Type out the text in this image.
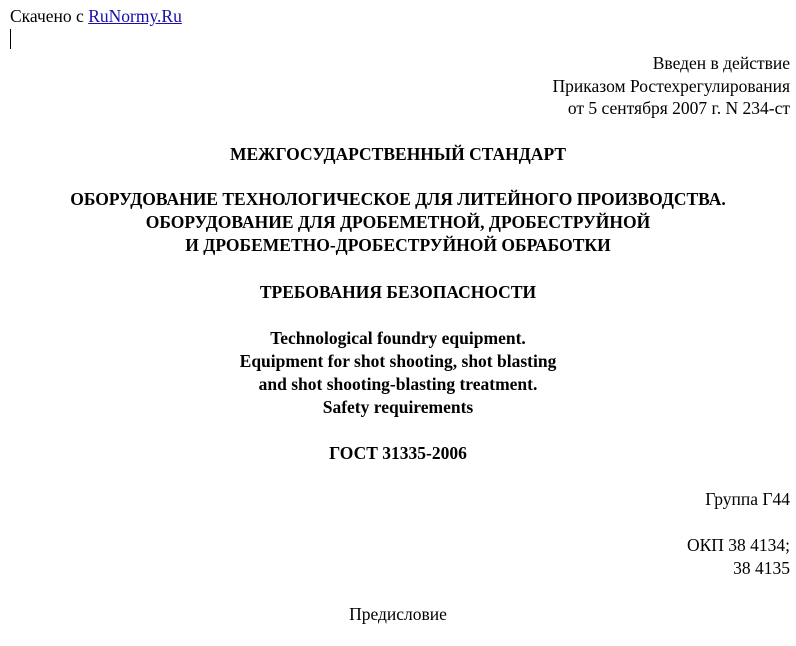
Скачено с RuNormy.Ru
Введен в действие
Приказом Ростехрегулирования
от 5 сентября 2007 г. N 234-ст
МЕЖГОСУДАРСТВЕННЫЙ СТАНДАРТ
ОБОРУДОВАНИЕ ТЕХНОЛОГИЧЕСКОЕ ДЛЯ ЛИТЕЙНОГО ПРОИЗВОДСТВА.
ОБОРУДОВАНИЕ ДЛЯ ДРОБЕМЕТНОЙ, ДРОБЕСТРУЙНОЙ
И ДРОБЕМЕТНО-ДРОБЕСТРУЙНОЙ ОБРАБОТКИ
ТРЕБОВАНИЯ БЕЗОПАСНОСТИ
Technological foundry equipment.
Equipment for shot shooting, shot blasting
and shot shooting-blasting treatment.
Safety requirements
ГОСТ 31335-2006
Группа Г44
ОКП 38 4134;
38 4135
Предисловие
